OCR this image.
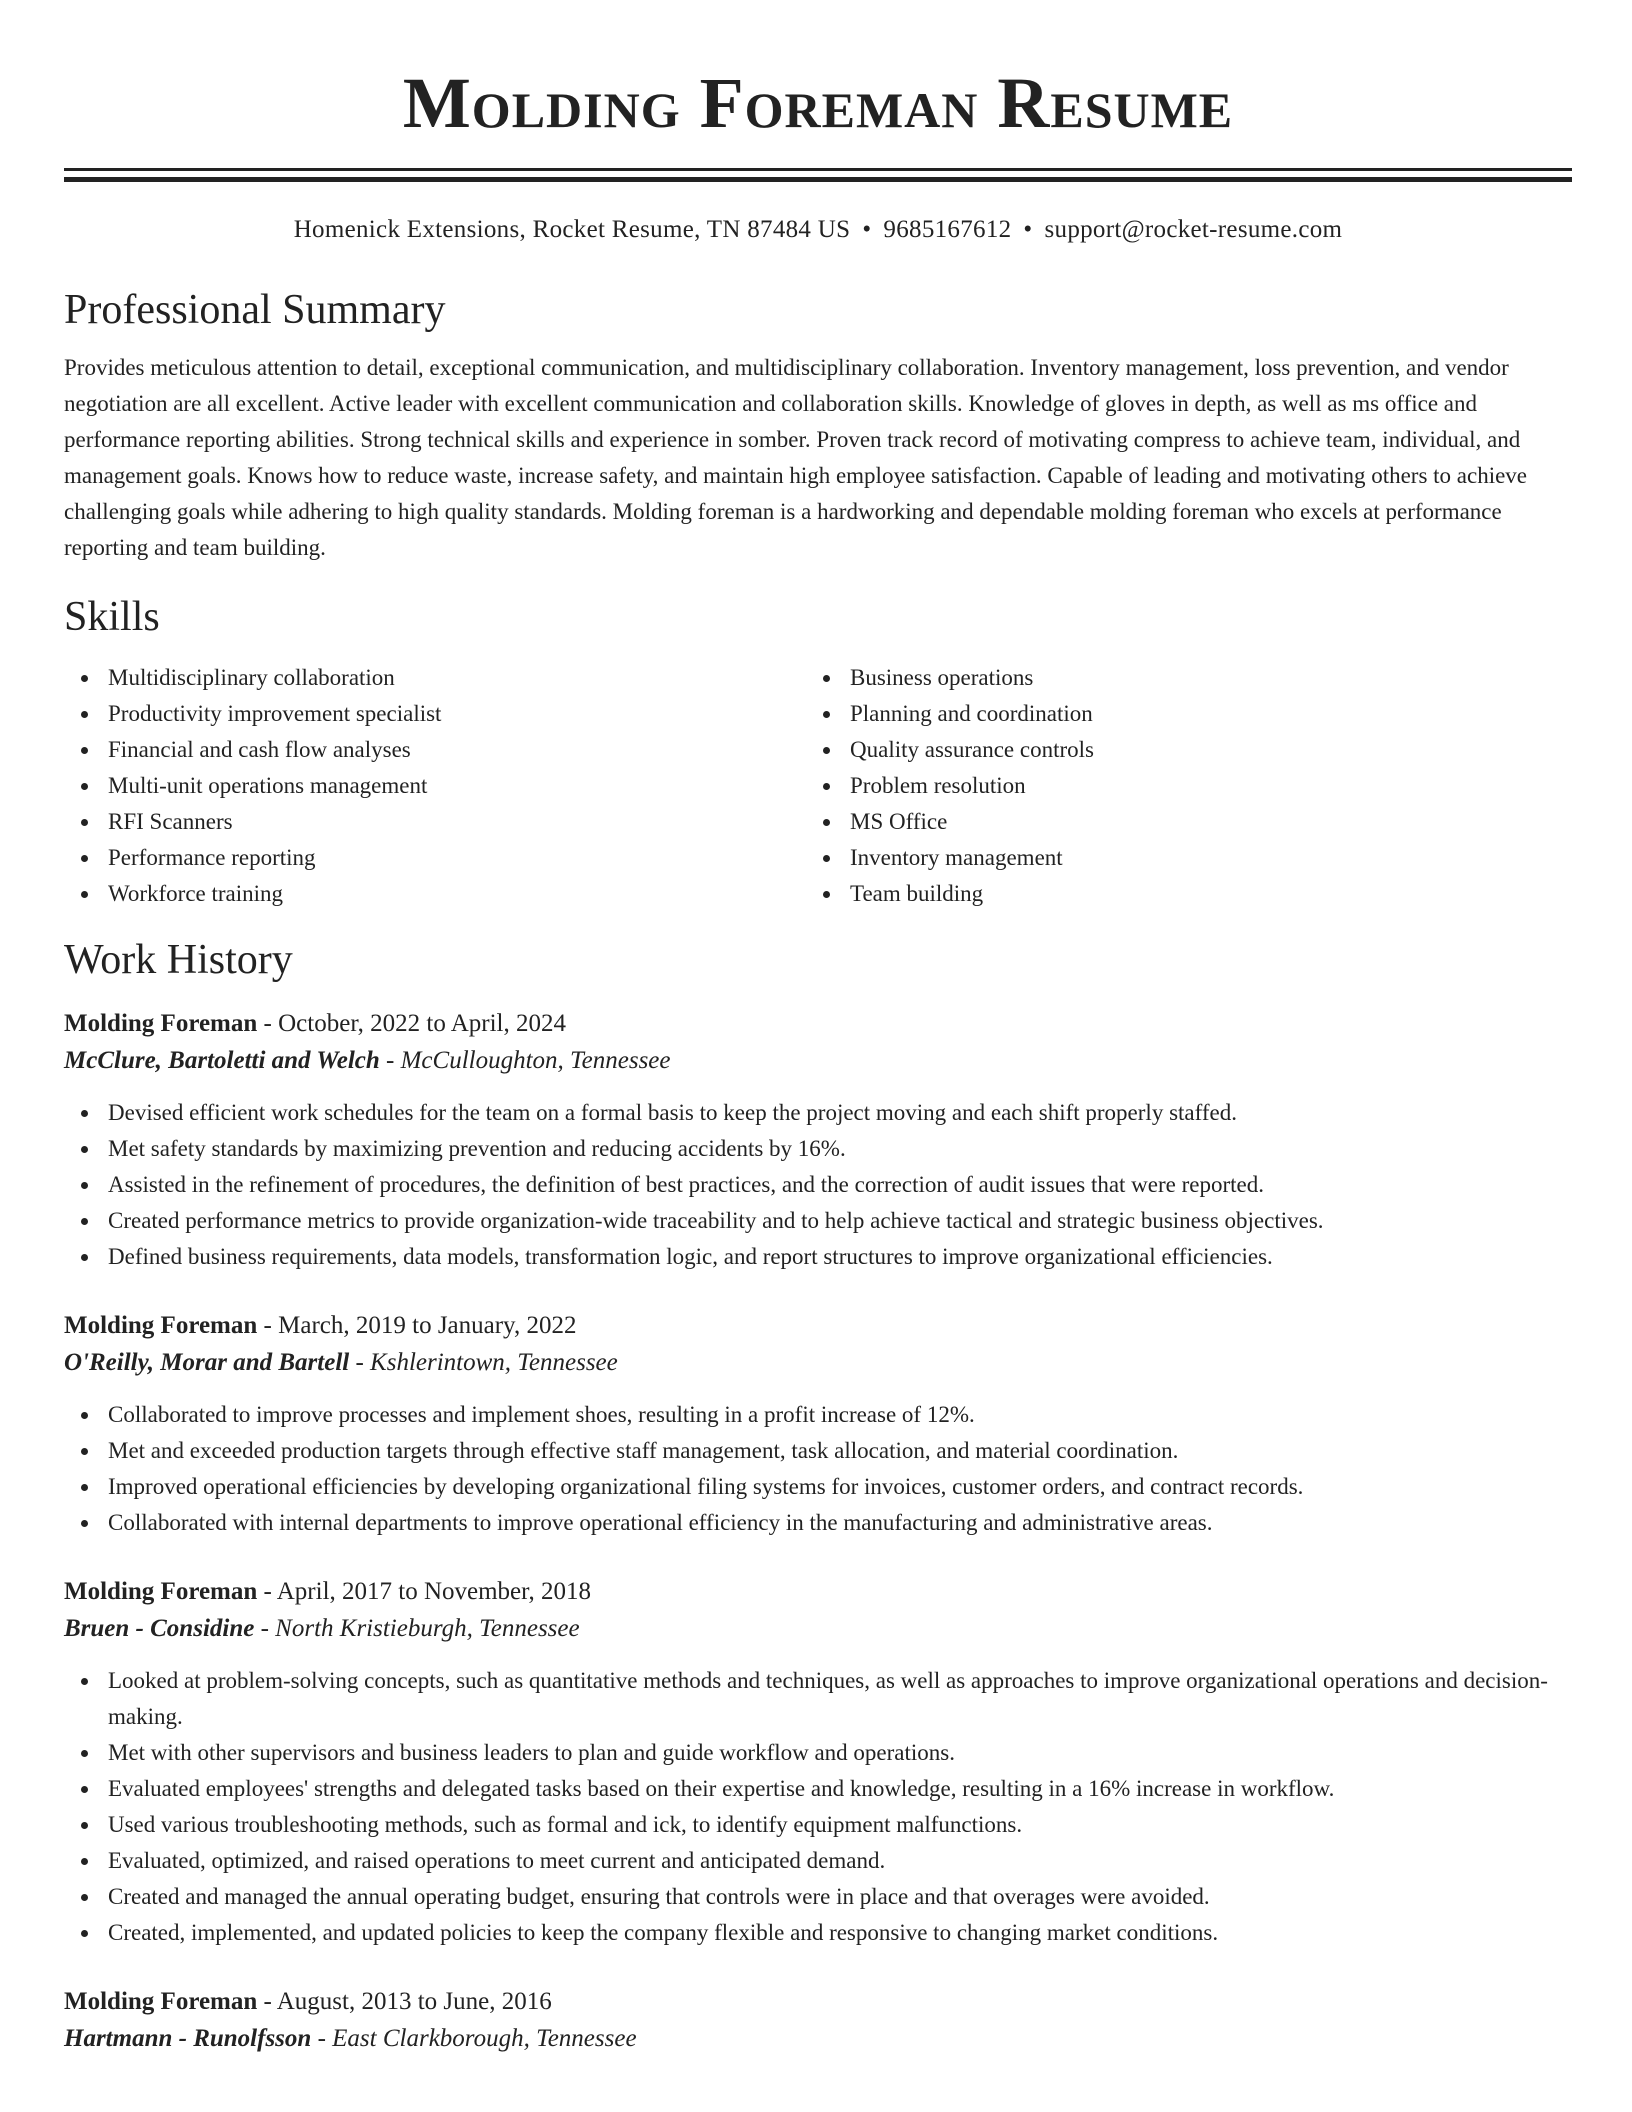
Molding Foreman Resume
Homenick Extensions, Rocket Resume, TN 87484 US • 9685167612 • support@rocket-resume.com
Professional Summary
Provides meticulous attention to detail, exceptional communication, and multidisciplinary collaboration. Inventory management, loss prevention, and vendor negotiation are all excellent. Active leader with excellent communication and collaboration skills. Knowledge of gloves in depth, as well as ms office and performance reporting abilities. Strong technical skills and experience in somber. Proven track record of motivating compress to achieve team, individual, and management goals. Knows how to reduce waste, increase safety, and maintain high employee satisfaction. Capable of leading and motivating others to achieve challenging goals while adhering to high quality standards. Molding foreman is a hardworking and dependable molding foreman who excels at performance reporting and team building.
Skills
Multidisciplinary collaboration
Productivity improvement specialist
Financial and cash flow analyses
Multi-unit operations management
RFI Scanners
Performance reporting
Workforce training
Business operations
Planning and coordination
Quality assurance controls
Problem resolution
MS Office
Inventory management
Team building
Work History
Molding Foreman - October, 2022 to April, 2024
McClure, Bartoletti and Welch - McCulloughton, Tennessee
Devised efficient work schedules for the team on a formal basis to keep the project moving and each shift properly staffed.
Met safety standards by maximizing prevention and reducing accidents by 16%.
Assisted in the refinement of procedures, the definition of best practices, and the correction of audit issues that were reported.
Created performance metrics to provide organization-wide traceability and to help achieve tactical and strategic business objectives.
Defined business requirements, data models, transformation logic, and report structures to improve organizational efficiencies.
Molding Foreman - March, 2019 to January, 2022
O'Reilly, Morar and Bartell - Kshlerintown, Tennessee
Collaborated to improve processes and implement shoes, resulting in a profit increase of 12%.
Met and exceeded production targets through effective staff management, task allocation, and material coordination.
Improved operational efficiencies by developing organizational filing systems for invoices, customer orders, and contract records.
Collaborated with internal departments to improve operational efficiency in the manufacturing and administrative areas.
Molding Foreman - April, 2017 to November, 2018
Bruen - Considine - North Kristieburgh, Tennessee
Looked at problem-solving concepts, such as quantitative methods and techniques, as well as approaches to improve organizational operations and decision-making.
Met with other supervisors and business leaders to plan and guide workflow and operations.
Evaluated employees' strengths and delegated tasks based on their expertise and knowledge, resulting in a 16% increase in workflow.
Used various troubleshooting methods, such as formal and ick, to identify equipment malfunctions.
Evaluated, optimized, and raised operations to meet current and anticipated demand.
Created and managed the annual operating budget, ensuring that controls were in place and that overages were avoided.
Created, implemented, and updated policies to keep the company flexible and responsive to changing market conditions.
Molding Foreman - August, 2013 to June, 2016
Hartmann - Runolfsson - East Clarkborough, Tennessee
